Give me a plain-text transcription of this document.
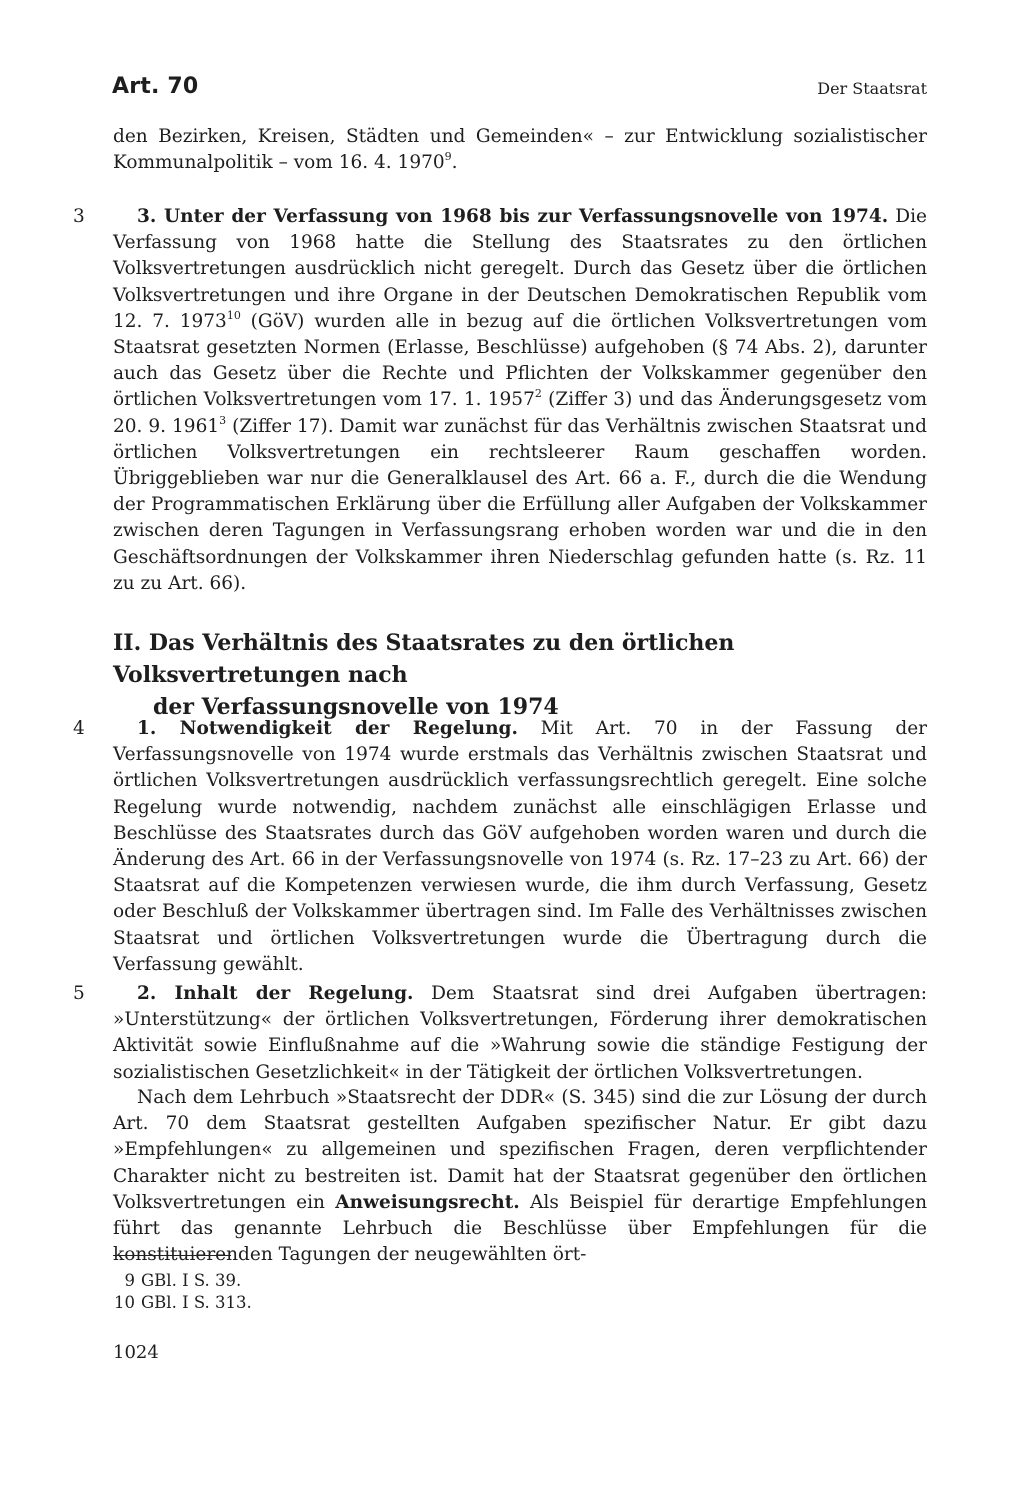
Art. 70	Der Staatsrat
den Bezirken, Kreisen, Städten und Gemeinden« – zur Entwicklung sozialistischer Kommunalpolitik – vom 16. 4. 1970$^9$.
3	3. Unter der Verfassung von 1968 bis zur Verfassungsnovelle von 1974. Die Verfassung von 1968 hatte die Stellung des Staatsrates zu den örtlichen Volksvertretungen ausdrücklich nicht geregelt. Durch das Gesetz über die örtlichen Volksvertretungen und ihre Organe in der Deutschen Demokratischen Republik vom 12. 7. 1973$^{10}$ (GöV) wurden alle in bezug auf die örtlichen Volksvertretungen vom Staatsrat gesetzten Normen (Erlasse, Beschlüsse) aufgehoben (§ 74 Abs. 2), darunter auch das Gesetz über die Rechte und Pflichten der Volkskammer gegenüber den örtlichen Volksvertretungen vom 17. 1. 1957$^2$ (Ziffer 3) und das Änderungsgesetz vom 20. 9. 1961$^3$ (Ziffer 17). Damit war zunächst für das Verhältnis zwischen Staatsrat und örtlichen Volksvertretungen ein rechtsleerer Raum geschaffen worden. Übriggeblieben war nur die Generalklausel des Art. 66 a. F., durch die die Wendung der Programmatischen Erklärung über die Erfüllung aller Aufgaben der Volkskammer zwischen deren Tagungen in Verfassungsrang erhoben worden war und die in den Geschäftsordnungen der Volkskammer ihren Niederschlag gefunden hatte (s. Rz. 11 zu zu Art. 66).
II. Das Verhältnis des Staatsrates zu den örtlichen Volksvertretungen nach
der Verfassungsnovelle von 1974
4	1. Notwendigkeit der Regelung. Mit Art. 70 in der Fassung der Verfassungsnovelle von 1974 wurde erstmals das Verhältnis zwischen Staatsrat und örtlichen Volksvertretungen ausdrücklich verfassungsrechtlich geregelt. Eine solche Regelung wurde notwendig, nachdem zunächst alle einschlägigen Erlasse und Beschlüsse des Staatsrates durch das GöV aufgehoben worden waren und durch die Änderung des Art. 66 in der Verfassungsnovelle von 1974 (s. Rz. 17–23 zu Art. 66) der Staatsrat auf die Kompetenzen verwiesen wurde, die ihm durch Verfassung, Gesetz oder Beschluß der Volkskammer übertragen sind. Im Falle des Verhältnisses zwischen Staatsrat und örtlichen Volksvertretungen wurde die Übertragung durch die Verfassung gewählt.
5	2. Inhalt der Regelung. Dem Staatsrat sind drei Aufgaben übertragen: »Unterstützung« der örtlichen Volksvertretungen, Förderung ihrer demokratischen Aktivität sowie Einflußnahme auf die »Wahrung sowie die ständige Festigung der sozialistischen Gesetzlichkeit« in der Tätigkeit der örtlichen Volksvertretungen.
Nach dem Lehrbuch »Staatsrecht der DDR« (S. 345) sind die zur Lösung der durch Art. 70 dem Staatsrat gestellten Aufgaben spezifischer Natur. Er gibt dazu »Empfehlungen« zu allgemeinen und spezifischen Fragen, deren verpflichtender Charakter nicht zu bestreiten ist. Damit hat der Staatsrat gegenüber den örtlichen Volksvertretungen ein Anweisungsrecht. Als Beispiel für derartige Empfehlungen führt das genannte Lehrbuch die Beschlüsse über Empfehlungen für die konstituierenden Tagungen der neugewählten ört-
9 GBl. I S. 39.
10 GBl. I S. 313.
1024
